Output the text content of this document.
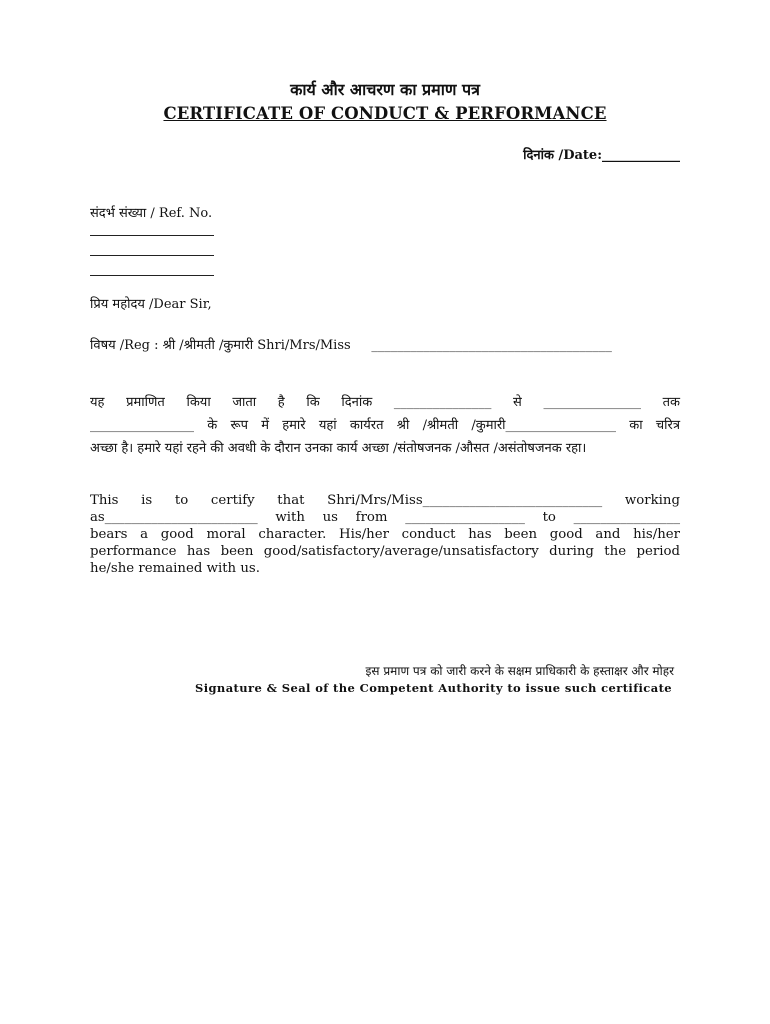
कार्य और आचरण का प्रमाण पत्र
CERTIFICATE OF CONDUCT & PERFORMANCE
दिनांक /Date:____________
संदर्भ संख्या / Ref. No.
प्रिय महोदय /Dear Sir,
विषय /Reg : श्री /श्रीमती /कुमारी Shri/Mrs/Miss     _____________________________________
यह प्रमाणित किया जाता है कि दिनांक _______________ से _______________ तक
________________ के रूप में हमारे यहां कार्यरत श्री /श्रीमती /कुमारी_________________ का चरित्र
अच्छा है। हमारे यहां रहने की अवधी के दौरान उनका कार्य अच्छा /संतोषजनक /औसत /असंतोषजनक रहा।
This is to certify that Shri/Mrs/Miss___________________________ working
as_______________________ with us from __________________ to ________________
bears a good moral character. His/her conduct has been good and his/her
performance has been good/satisfactory/average/unsatisfactory during the period
he/she remained with us.
इस प्रमाण पत्र को जारी करने के सक्षम प्राधिकारी के हस्ताक्षर और मोहर
Signature & Seal of the Competent Authority to issue such certificate
